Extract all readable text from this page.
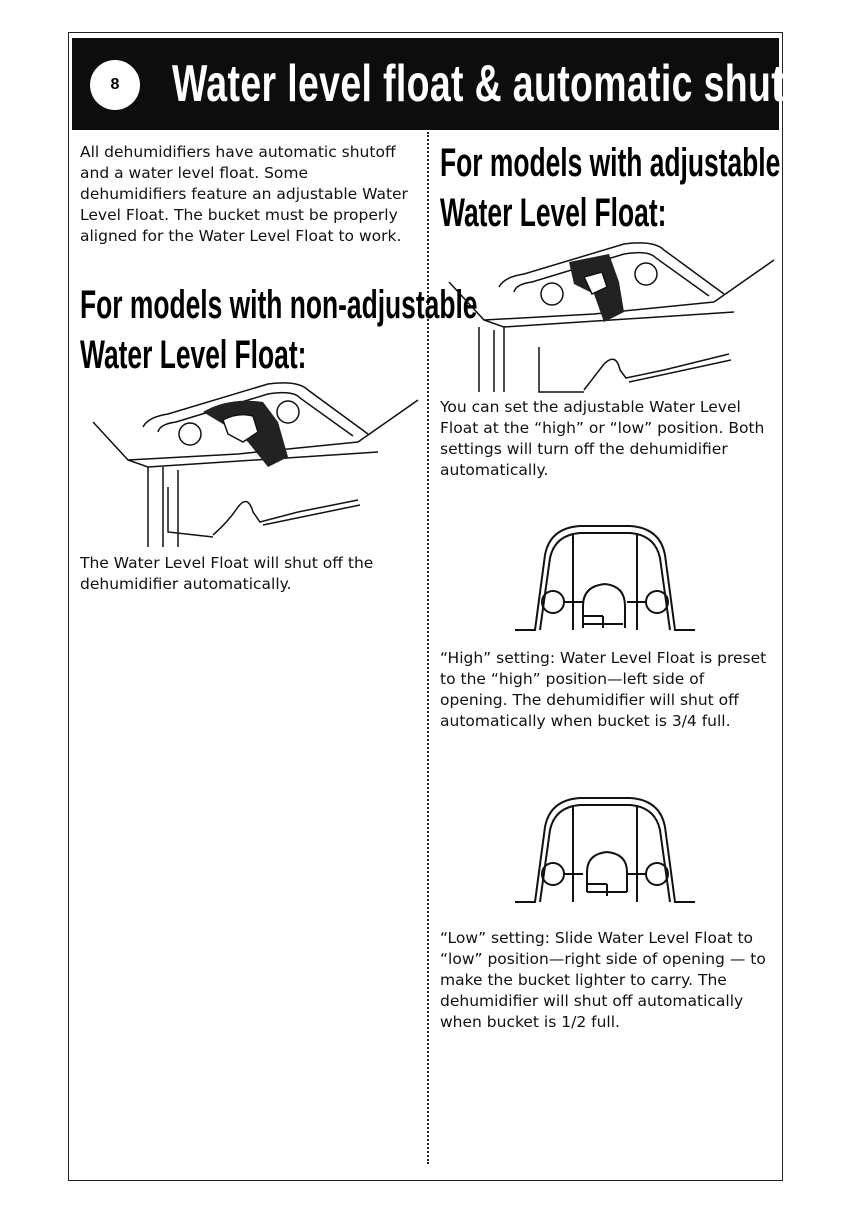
8	Water level float & automatic shutoff

All dehumidifiers have automatic shutoff and a water level float. Some dehumidifiers feature an adjustable Water Level Float. The bucket must be properly aligned for the Water Level Float to work.

For models with non-adjustable
Water Level Float:

The Water Level Float will shut off the dehumidifier automatically.

For models with adjustable
Water Level Float:

You can set the adjustable Water Level Float at the “high” or “low” position. Both settings will turn off the dehumidifier automatically.

“High” setting: Water Level Float is preset to the “high” position—left side of opening. The dehumidifier will shut off automatically when bucket is 3/4 full.

“Low” setting: Slide Water Level Float to “low” position—right side of opening — to make the bucket lighter to carry. The dehumidifier will shut off automatically when bucket is 1/2 full.
